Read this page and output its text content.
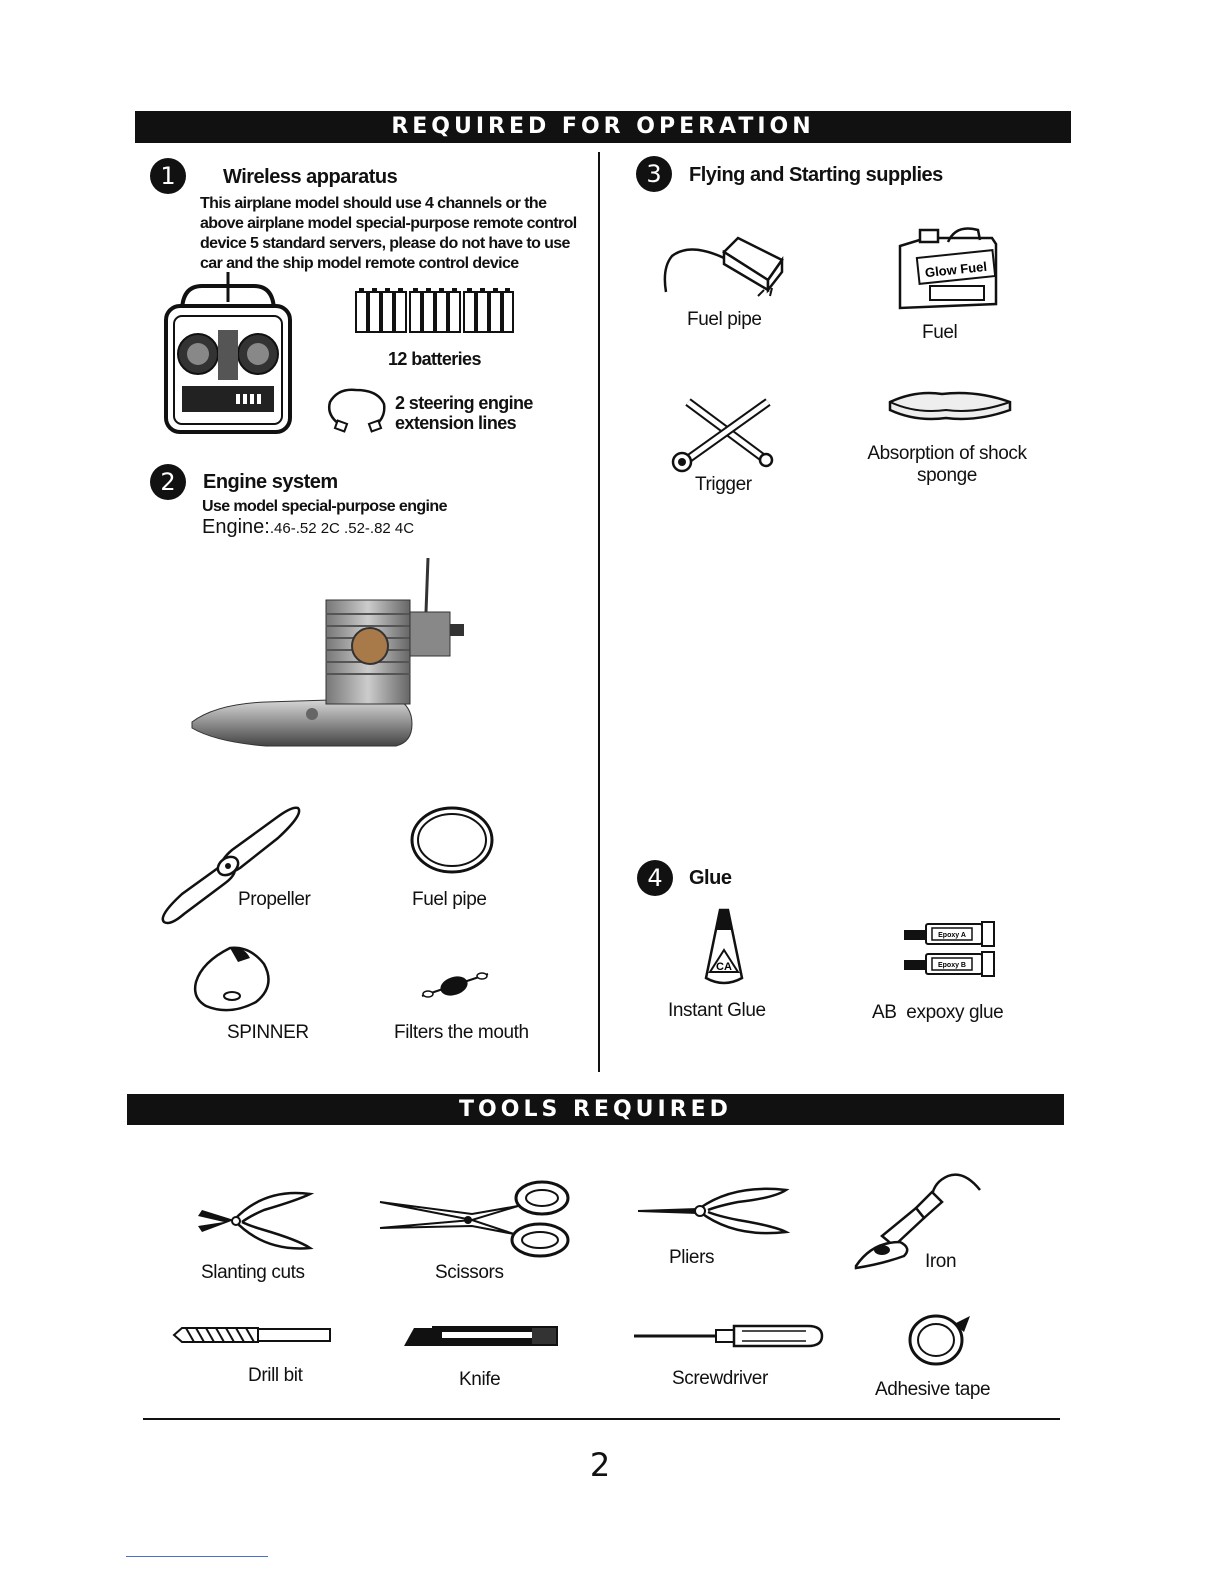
REQUIRED FOR OPERATION
1	Wireless apparatus
This airplane model should use 4 channels or the
above airplane model special-purpose remote control
device 5 standard servers, please do not have to use
car and the ship model remote control device
12 batteries
2 steering engine
extension lines
2	Engine system
Use model special-purpose engine
Engine:.46-.52 2C .52-.82 4C
Propeller	Fuel pipe
SPINNER	Filters the mouth
3	Flying and Starting supplies
Fuel pipe
Glow Fuel
Fuel
Trigger
Absorption of shock
sponge
4	Glue
CA
Instant Glue
Epoxy A
Epoxy B
AB  expoxy glue
TOOLS REQUIRED
Slanting cuts	Scissors
Pliers	Iron
Drill bit	Knife	Screwdriver
Adhesive tape
2
